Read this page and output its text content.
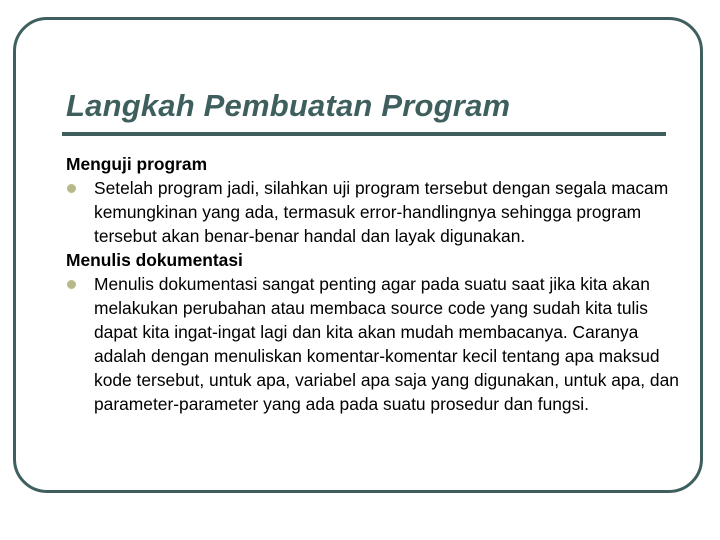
Langkah Pembuatan Program

Menguji program

Setelah program jadi, silahkan uji program tersebut dengan segala macam kemungkinan yang ada, termasuk error-handlingnya sehingga program tersebut akan benar-benar handal dan layak digunakan.

Menulis dokumentasi

Menulis dokumentasi sangat penting agar pada suatu saat jika kita akan melakukan perubahan atau membaca source code yang sudah kita tulis dapat kita ingat-ingat lagi dan kita akan mudah membacanya. Caranya adalah dengan menuliskan komentar-komentar kecil tentang apa maksud kode tersebut, untuk apa, variabel apa saja yang digunakan, untuk apa, dan parameter-parameter yang ada pada suatu prosedur dan fungsi.
